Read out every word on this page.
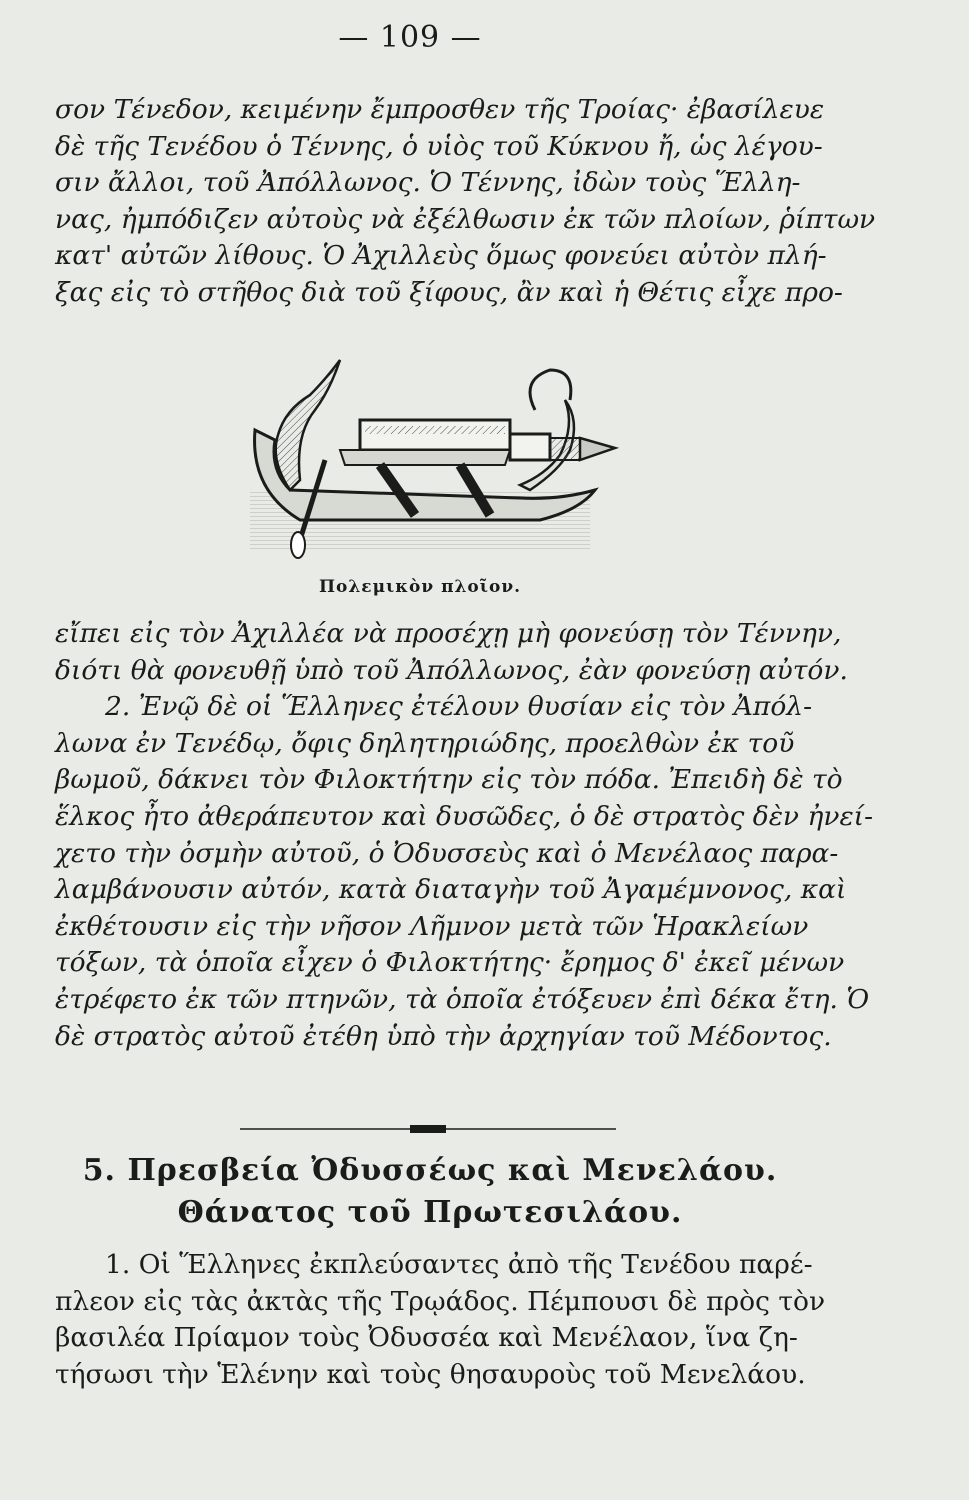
— 109 —
σον Τένεδον, κειμένην ἔμπροσθεν τῆς Τροίας· ἐβασίλευε
δὲ τῆς Τενέδου ὁ Τέννης, ὁ υἱὸς τοῦ Κύκνου ἤ, ὡς λέγου-
σιν ἄλλοι, τοῦ Ἀπόλλωνος. Ὁ Τέννης, ἰδὼν τοὺς Ἕλλη-
νας, ἠμπόδιζεν αὐτοὺς νὰ ἐξέλθωσιν ἐκ τῶν πλοίων, ῥίπτων
κατ' αὐτῶν λίθους. Ὁ Ἀχιλλεὺς ὅμως φονεύει αὐτὸν πλή-
ξας εἰς τὸ στῆθος διὰ τοῦ ξίφους, ἂν καὶ ἡ Θέτις εἶχε προ-
Πολεμικὸν πλοῖον.
εἴπει εἰς τὸν Ἀχιλλέα νὰ προσέχῃ μὴ φονεύσῃ τὸν Τέννην,
διότι θὰ φονευθῇ ὑπὸ τοῦ Ἀπόλλωνος, ἐὰν φονεύσῃ αὐτόν.
2. Ἐνῷ δὲ οἱ Ἕλληνες ἐτέλουν θυσίαν εἰς τὸν Ἀπόλ-
λωνα ἐν Τενέδῳ, ὄφις δηλητηριώδης, προελθὼν ἐκ τοῦ
βωμοῦ, δάκνει τὸν Φιλοκτήτην εἰς τὸν πόδα. Ἐπειδὴ δὲ τὸ
ἕλκος ἦτο ἀθεράπευτον καὶ δυσῶδες, ὁ δὲ στρατὸς δὲν ἠνεί-
χετο τὴν ὀσμὴν αὐτοῦ, ὁ Ὀδυσσεὺς καὶ ὁ Μενέλαος παρα-
λαμβάνουσιν αὐτόν, κατὰ διαταγὴν τοῦ Ἀγαμέμνονος, καὶ
ἐκθέτουσιν εἰς τὴν νῆσον Λῆμνον μετὰ τῶν Ἡρακλείων
τόξων, τὰ ὁποῖα εἶχεν ὁ Φιλοκτήτης· ἔρημος δ' ἐκεῖ μένων
ἐτρέφετο ἐκ τῶν πτηνῶν, τὰ ὁποῖα ἐτόξευεν ἐπὶ δέκα ἔτη. Ὁ
δὲ στρατὸς αὐτοῦ ἐτέθη ὑπὸ τὴν ἀρχηγίαν τοῦ Μέδοντος.
5. Πρεσβεία Ὀδυσσέως καὶ Μενελάου.
Θάνατος τοῦ Πρωτεσιλάου.
1. Οἱ Ἕλληνες ἐκπλεύσαντες ἀπὸ τῆς Τενέδου παρέ-
πλεον εἰς τὰς ἀκτὰς τῆς Τρῳάδος. Πέμπουσι δὲ πρὸς τὸν
βασιλέα Πρίαμον τοὺς Ὀδυσσέα καὶ Μενέλαον, ἵνα ζη-
τήσωσι τὴν Ἑλένην καὶ τοὺς θησαυροὺς τοῦ Μενελάου.
